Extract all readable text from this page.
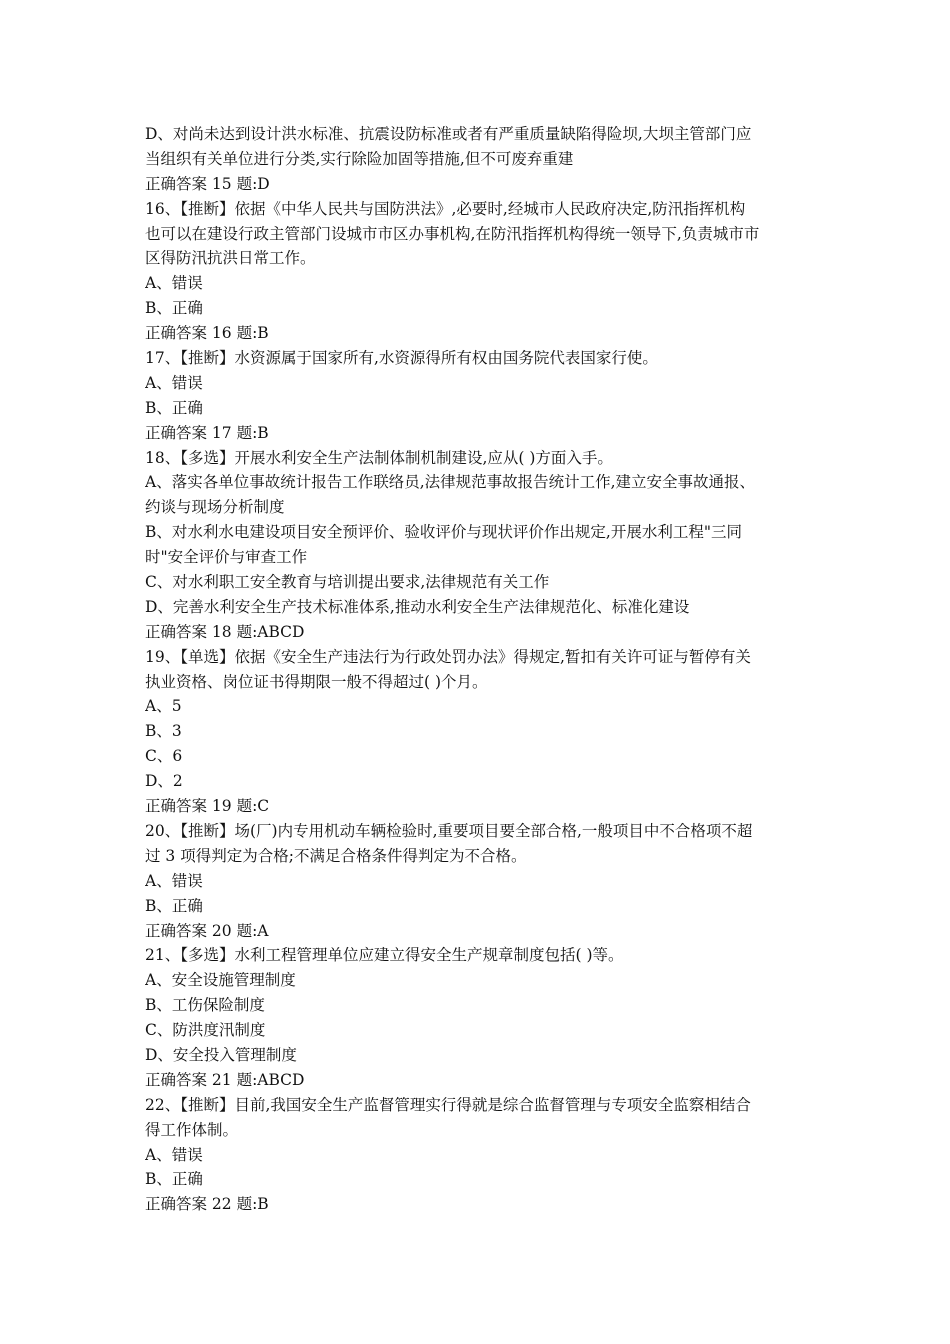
D、对尚未达到设计洪水标准、抗震设防标准或者有严重质量缺陷得险坝,大坝主管部门应
当组织有关单位进行分类,实行除险加固等措施,但不可废弃重建
正确答案 15 题:D
16、【推断】依据《中华人民共与国防洪法》,必要时,经城市人民政府决定,防汛指挥机构
也可以在建设行政主管部门设城市市区办事机构,在防汛指挥机构得统一领导下,负责城市市
区得防汛抗洪日常工作。
A、错误
B、正确
正确答案 16 题:B
17、【推断】水资源属于国家所有,水资源得所有权由国务院代表国家行使。
A、错误
B、正确
正确答案 17 题:B
18、【多选】开展水利安全生产法制体制机制建设,应从( )方面入手。
A、落实各单位事故统计报告工作联络员,法律规范事故报告统计工作,建立安全事故通报、
约谈与现场分析制度
B、对水利水电建设项目安全预评价、验收评价与现状评价作出规定,开展水利工程"三同
时"安全评价与审查工作
C、对水利职工安全教育与培训提出要求,法律规范有关工作
D、完善水利安全生产技术标准体系,推动水利安全生产法律规范化、标准化建设
正确答案 18 题:ABCD
19、【单选】依据《安全生产违法行为行政处罚办法》得规定,暂扣有关许可证与暂停有关
执业资格、岗位证书得期限一般不得超过( )个月。
A、5
B、3
C、6
D、2
正确答案 19 题:C
20、【推断】场(厂)内专用机动车辆检验时,重要项目要全部合格,一般项目中不合格项不超
过 3 项得判定为合格;不满足合格条件得判定为不合格。
A、错误
B、正确
正确答案 20 题:A
21、【多选】水利工程管理单位应建立得安全生产规章制度包括( )等。
A、安全设施管理制度
B、工伤保险制度
C、防洪度汛制度
D、安全投入管理制度
正确答案 21 题:ABCD
22、【推断】目前,我国安全生产监督管理实行得就是综合监督管理与专项安全监察相结合
得工作体制。
A、错误
B、正确
正确答案 22 题:B
